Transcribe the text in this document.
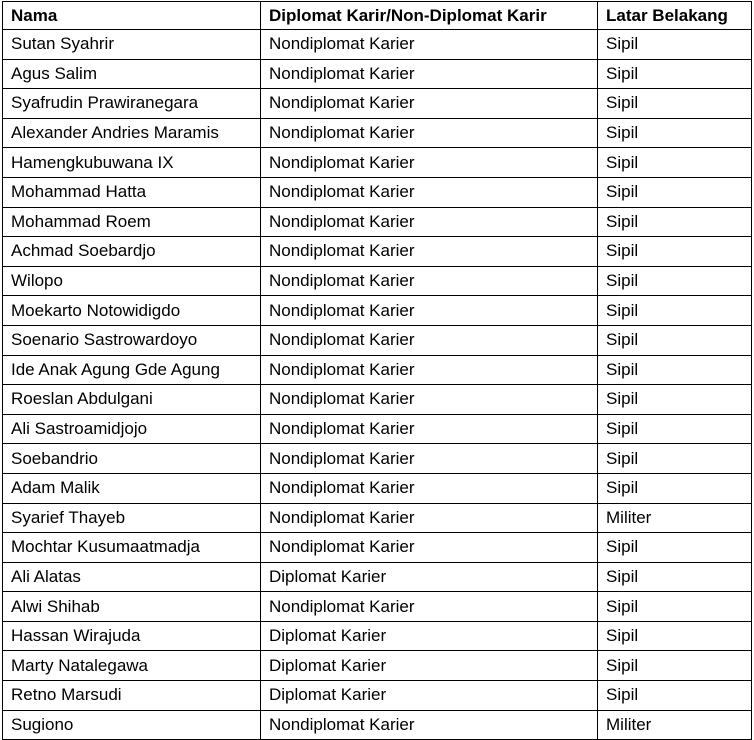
Nama	Diplomat Karir/Non-Diplomat Karir	Latar Belakang
Sutan Syahrir	Nondiplomat Karier	Sipil
Agus Salim	Nondiplomat Karier	Sipil
Syafrudin Prawiranegara	Nondiplomat Karier	Sipil
Alexander Andries Maramis	Nondiplomat Karier	Sipil
Hamengkubuwana IX	Nondiplomat Karier	Sipil
Mohammad Hatta	Nondiplomat Karier	Sipil
Mohammad Roem	Nondiplomat Karier	Sipil
Achmad Soebardjo	Nondiplomat Karier	Sipil
Wilopo	Nondiplomat Karier	Sipil
Moekarto Notowidigdo	Nondiplomat Karier	Sipil
Soenario Sastrowardoyo	Nondiplomat Karier	Sipil
Ide Anak Agung Gde Agung	Nondiplomat Karier	Sipil
Roeslan Abdulgani	Nondiplomat Karier	Sipil
Ali Sastroamidjojo	Nondiplomat Karier	Sipil
Soebandrio	Nondiplomat Karier	Sipil
Adam Malik	Nondiplomat Karier	Sipil
Syarief Thayeb	Nondiplomat Karier	Militer
Mochtar Kusumaatmadja	Nondiplomat Karier	Sipil
Ali Alatas	Diplomat Karier	Sipil
Alwi Shihab	Nondiplomat Karier	Sipil
Hassan Wirajuda	Diplomat Karier	Sipil
Marty Natalegawa	Diplomat Karier	Sipil
Retno Marsudi	Diplomat Karier	Sipil
Sugiono	Nondiplomat Karier	Militer
